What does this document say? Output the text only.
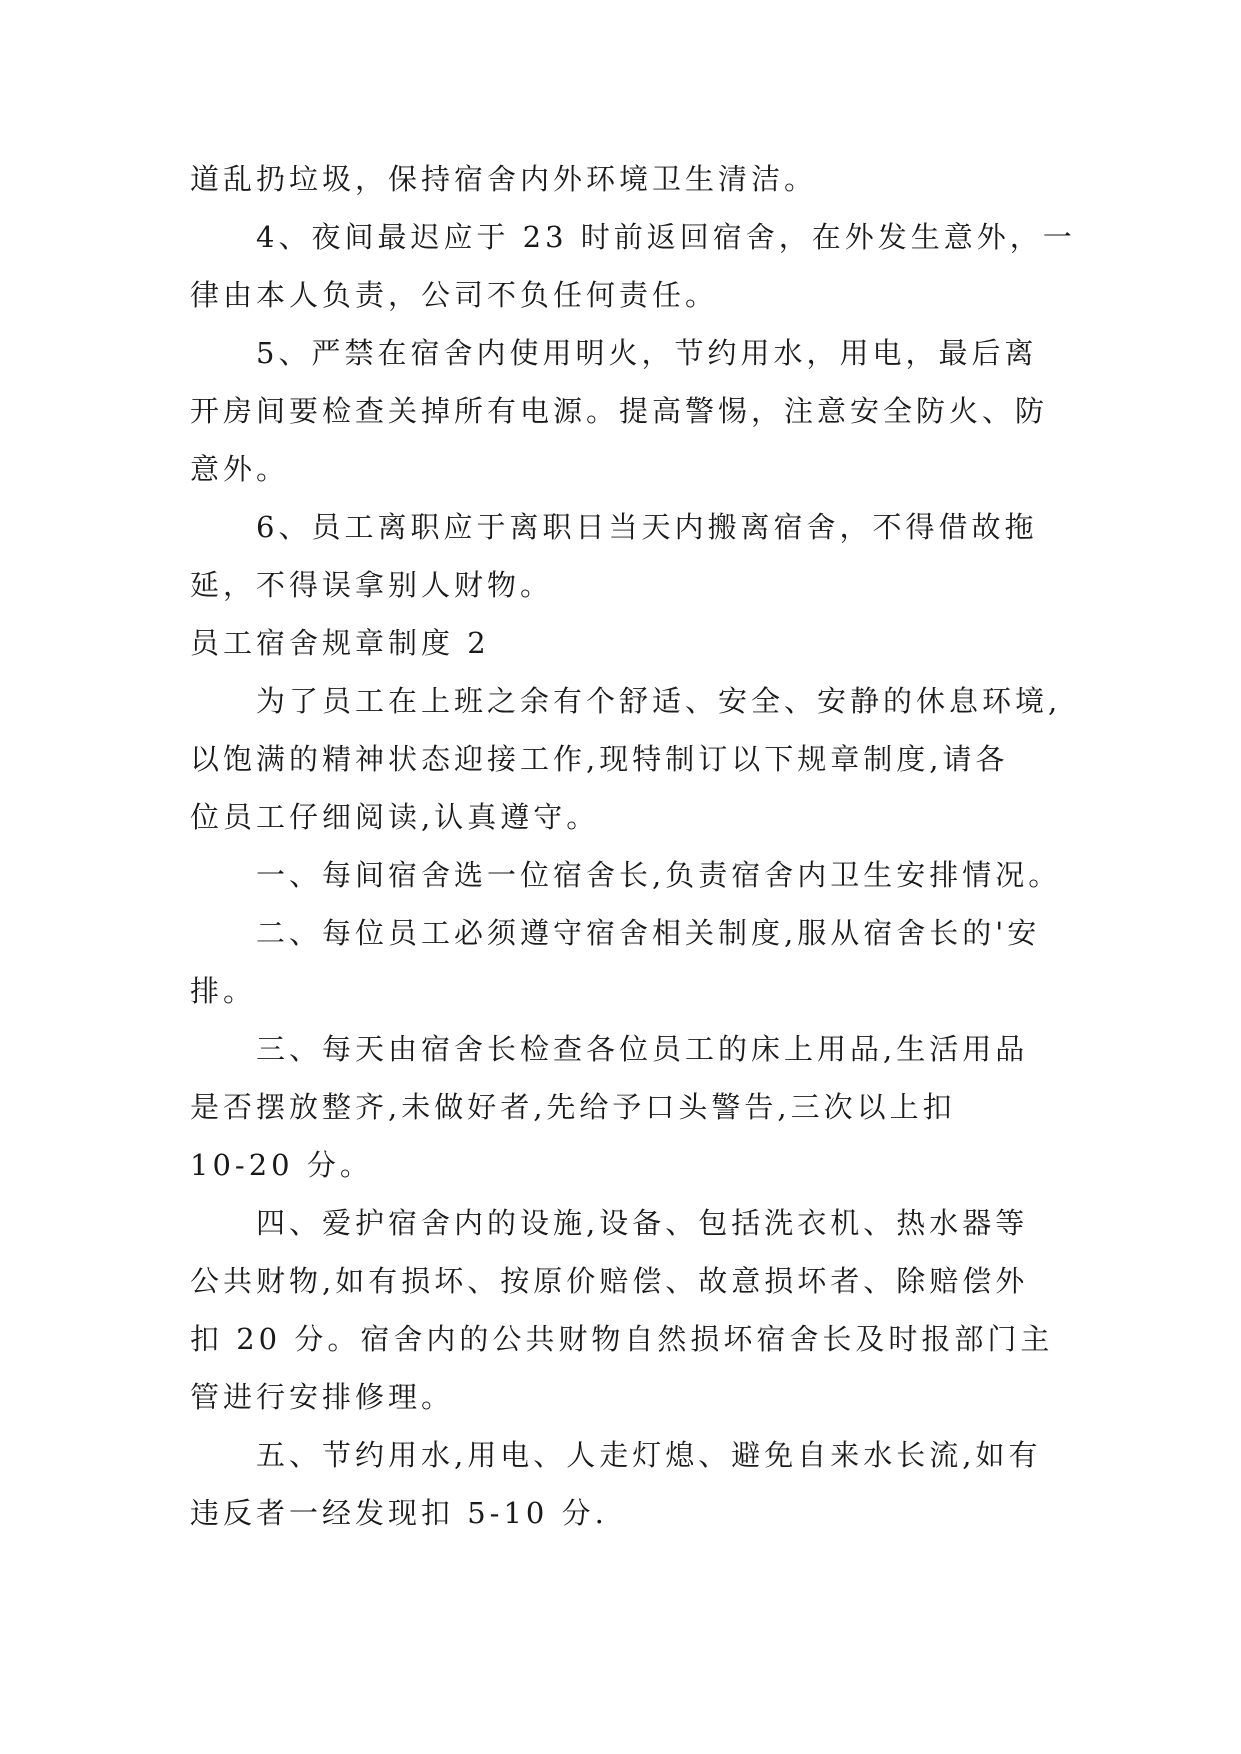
道乱扔垃圾，保持宿舍内外环境卫生清洁。
4、夜间最迟应于 23 时前返回宿舍，在外发生意外，一
律由本人负责，公司不负任何责任。
5、严禁在宿舍内使用明火，节约用水，用电，最后离
开房间要检查关掉所有电源。提高警惕，注意安全防火、防
意外。
6、员工离职应于离职日当天内搬离宿舍，不得借故拖
延，不得误拿别人财物。
员工宿舍规章制度 2
为了员工在上班之余有个舒适、安全、安静的休息环境,
以饱满的精神状态迎接工作,现特制订以下规章制度,请各
位员工仔细阅读,认真遵守。
一、每间宿舍选一位宿舍长,负责宿舍内卫生安排情况。
二、每位员工必须遵守宿舍相关制度,服从宿舍长的'安
排。
三、每天由宿舍长检查各位员工的床上用品,生活用品
是否摆放整齐,未做好者,先给予口头警告,三次以上扣
10-20 分。
四、爱护宿舍内的设施,设备、包括洗衣机、热水器等
公共财物,如有损坏、按原价赔偿、故意损坏者、除赔偿外
扣 20 分。宿舍内的公共财物自然损坏宿舍长及时报部门主
管进行安排修理。
五、节约用水,用电、人走灯熄、避免自来水长流,如有
违反者一经发现扣 5-10 分.
